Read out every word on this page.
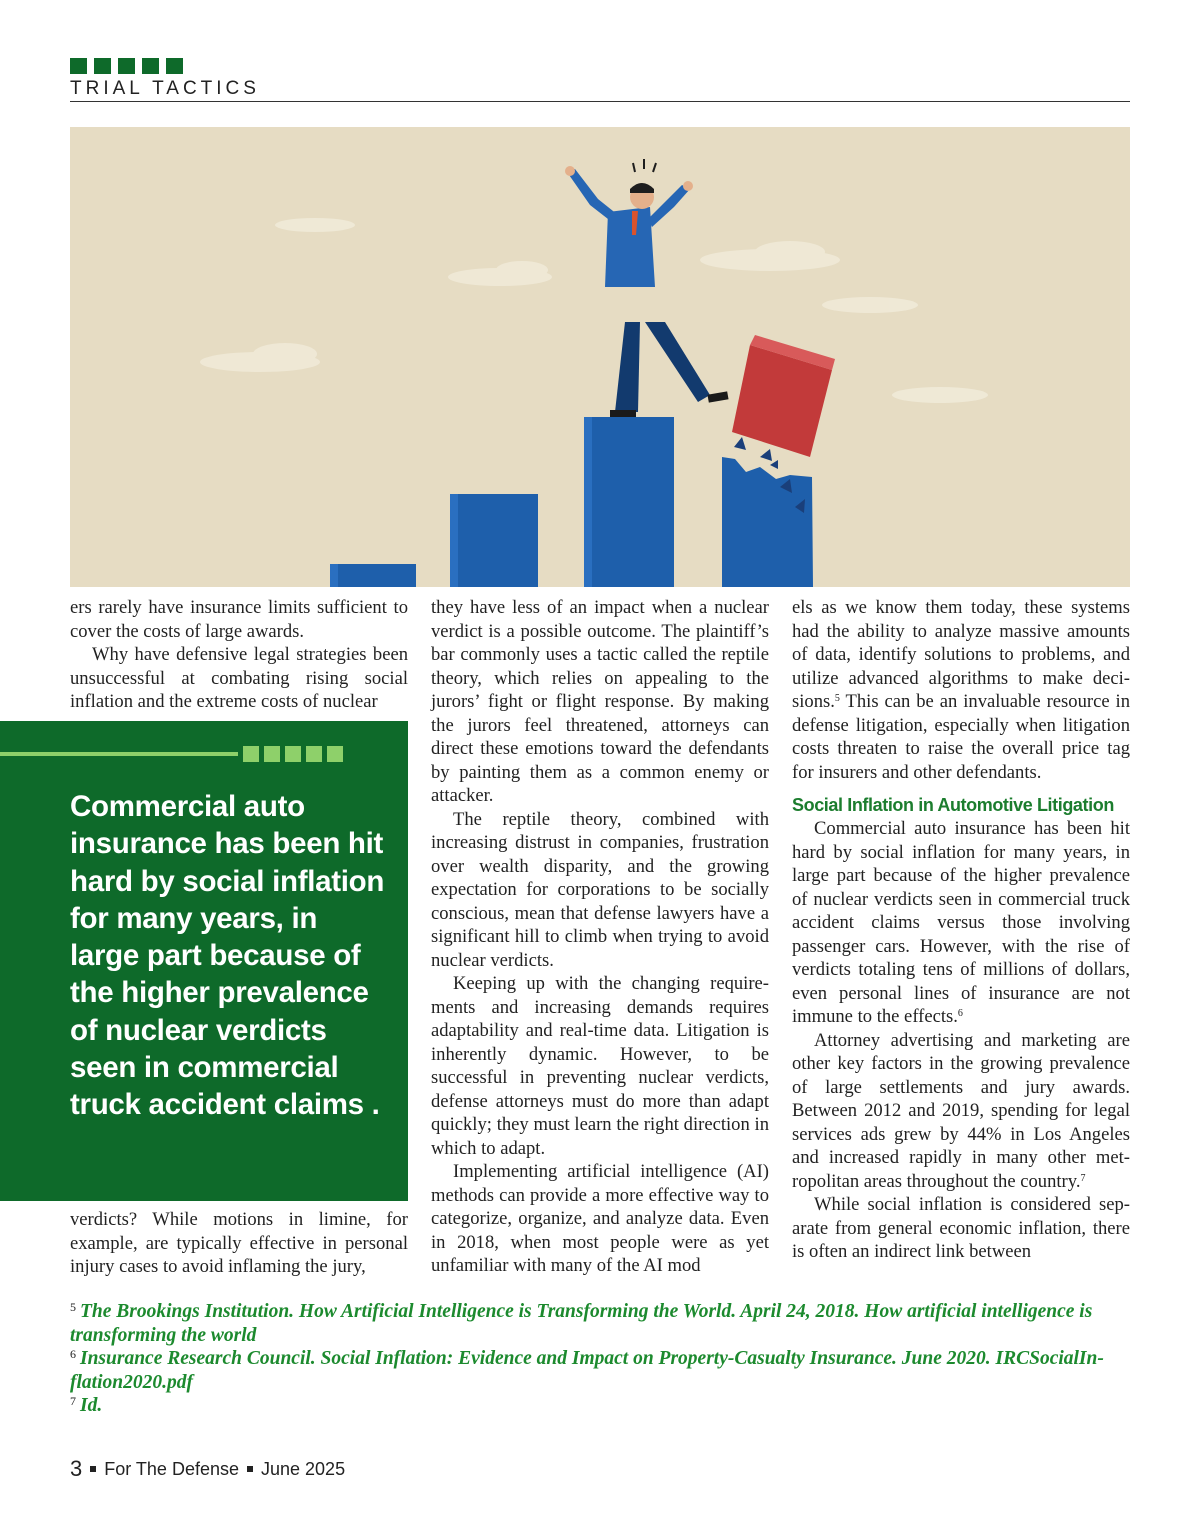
TRIAL TACTICS

ers rarely have insurance limits sufficient to cover the costs of large awards.

Why have defensive legal strategies been unsuccessful at combating rising social inflation and the extreme costs of nuclear

Commercial auto insurance has been hit hard by social inflation for many years, in large part because of the higher prevalence of nuclear verdicts seen in commercial truck accident claims .

verdicts? While motions in limine, for example, are typically effective in personal injury cases to avoid inflaming the jury,

they have less of an impact when a nuclear verdict is a possible outcome. The plaintiff’s bar commonly uses a tactic called the reptile theory, which relies on appealing to the jurors’ fight or flight response. By making the jurors feel threatened, attorneys can direct these emotions toward the defendants by painting them as a common enemy or attacker.

The reptile theory, combined with increasing distrust in companies, frustration over wealth disparity, and the growing expectation for corporations to be socially conscious, mean that defense lawyers have a significant hill to climb when trying to avoid nuclear verdicts.

Keeping up with the changing requirements and increasing demands requires adaptability and real-time data. Litigation is inherently dynamic. However, to be successful in preventing nuclear verdicts, defense attorneys must do more than adapt quickly; they must learn the right direction in which to adapt.

Implementing artificial intelligence (AI) methods can provide a more effective way to categorize, organize, and analyze data. Even in 2018, when most people were as yet unfamiliar with many of the AI mod

els as we know them today, these systems had the ability to analyze massive amounts of data, identify solutions to problems, and utilize advanced algorithms to make decisions.$^5$ This can be an invaluable resource in defense litigation, especially when litigation costs threaten to raise the overall price tag for insurers and other defendants.

Social Inflation in Automotive Litigation

Commercial auto insurance has been hit hard by social inflation for many years, in large part because of the higher prevalence of nuclear verdicts seen in commercial truck accident claims versus those involving passenger cars. However, with the rise of verdicts totaling tens of millions of dollars, even personal lines of insurance are not immune to the effects.$^6$

Attorney advertising and marketing are other key factors in the growing prevalence of large settlements and jury awards. Between 2012 and 2019, spending for legal services ads grew by 44% in Los Angeles and increased rapidly in many other metropolitan areas throughout the country.$^7$

While social inflation is considered separate from general economic inflation, there is often an indirect link between

$^5$ The Brookings Institution. How Artificial Intelligence is Transforming the World. April 24, 2018. How artificial intelligence is transforming the world

$^6$ Insurance Research Council. Social Inflation: Evidence and Impact on Property-Casualty Insurance. June 2020. IRCSocialInflation2020.pdf

$^7$ Id.

3 For The Defense June 2025
